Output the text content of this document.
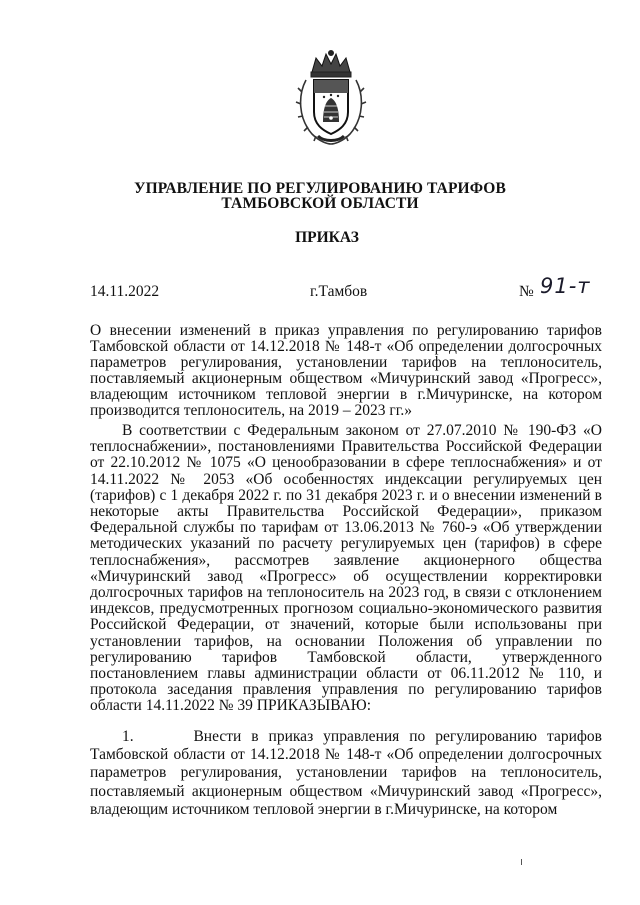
УПРАВЛЕНИЕ ПО РЕГУЛИРОВАНИЮ ТАРИФОВ
ТАМБОВСКОЙ ОБЛАСТИ
ПРИКАЗ
14.11.2022	г.Тамбов	№ 91-т
О внесении изменений в приказ управления по регулированию тарифов Тамбовской области от 14.12.2018 № 148-т «Об определении долгосрочных параметров регулирования, установлении тарифов на теплоноситель, поставляемый акционерным обществом «Мичуринский завод «Прогресс», владеющим источником тепловой энергии в г.Мичуринске, на котором производится теплоноситель, на 2019 – 2023 гг.»

В соответствии с Федеральным законом от 27.07.2010 № 190-ФЗ «О теплоснабжении», постановлениями Правительства Российской Федерации от 22.10.2012 № 1075 «О ценообразовании в сфере теплоснабжения» и от 14.11.2022 № 2053 «Об особенностях индексации регулируемых цен (тарифов) с 1 декабря 2022 г. по 31 декабря 2023 г. и о внесении изменений в некоторые акты Правительства Российской Федерации», приказом Федеральной службы по тарифам от 13.06.2013 № 760-э «Об утверждении методических указаний по расчету регулируемых цен (тарифов) в сфере теплоснабжения», рассмотрев заявление акционерного общества «Мичуринский завод «Прогресс» об осуществлении корректировки долгосрочных тарифов на теплоноситель на 2023 год, в связи с отклонением индексов, предусмотренных прогнозом социально-экономического развития Российской Федерации, от значений, которые были использованы при установлении тарифов, на основании Положения об управлении по регулированию тарифов Тамбовской области, утвержденного постановлением главы администрации области от 06.11.2012 № 110, и протокола заседания правления управления по регулированию тарифов области 14.11.2022 № 39 ПРИКАЗЫВАЮ:

1.      Внести в приказ управления по регулированию тарифов Тамбовской области от 14.12.2018 № 148-т «Об определении долгосрочных параметров регулирования, установлении тарифов на теплоноситель, поставляемый акционерным обществом «Мичуринский завод «Прогресс», владеющим источником тепловой энергии в г.Мичуринске, на котором
